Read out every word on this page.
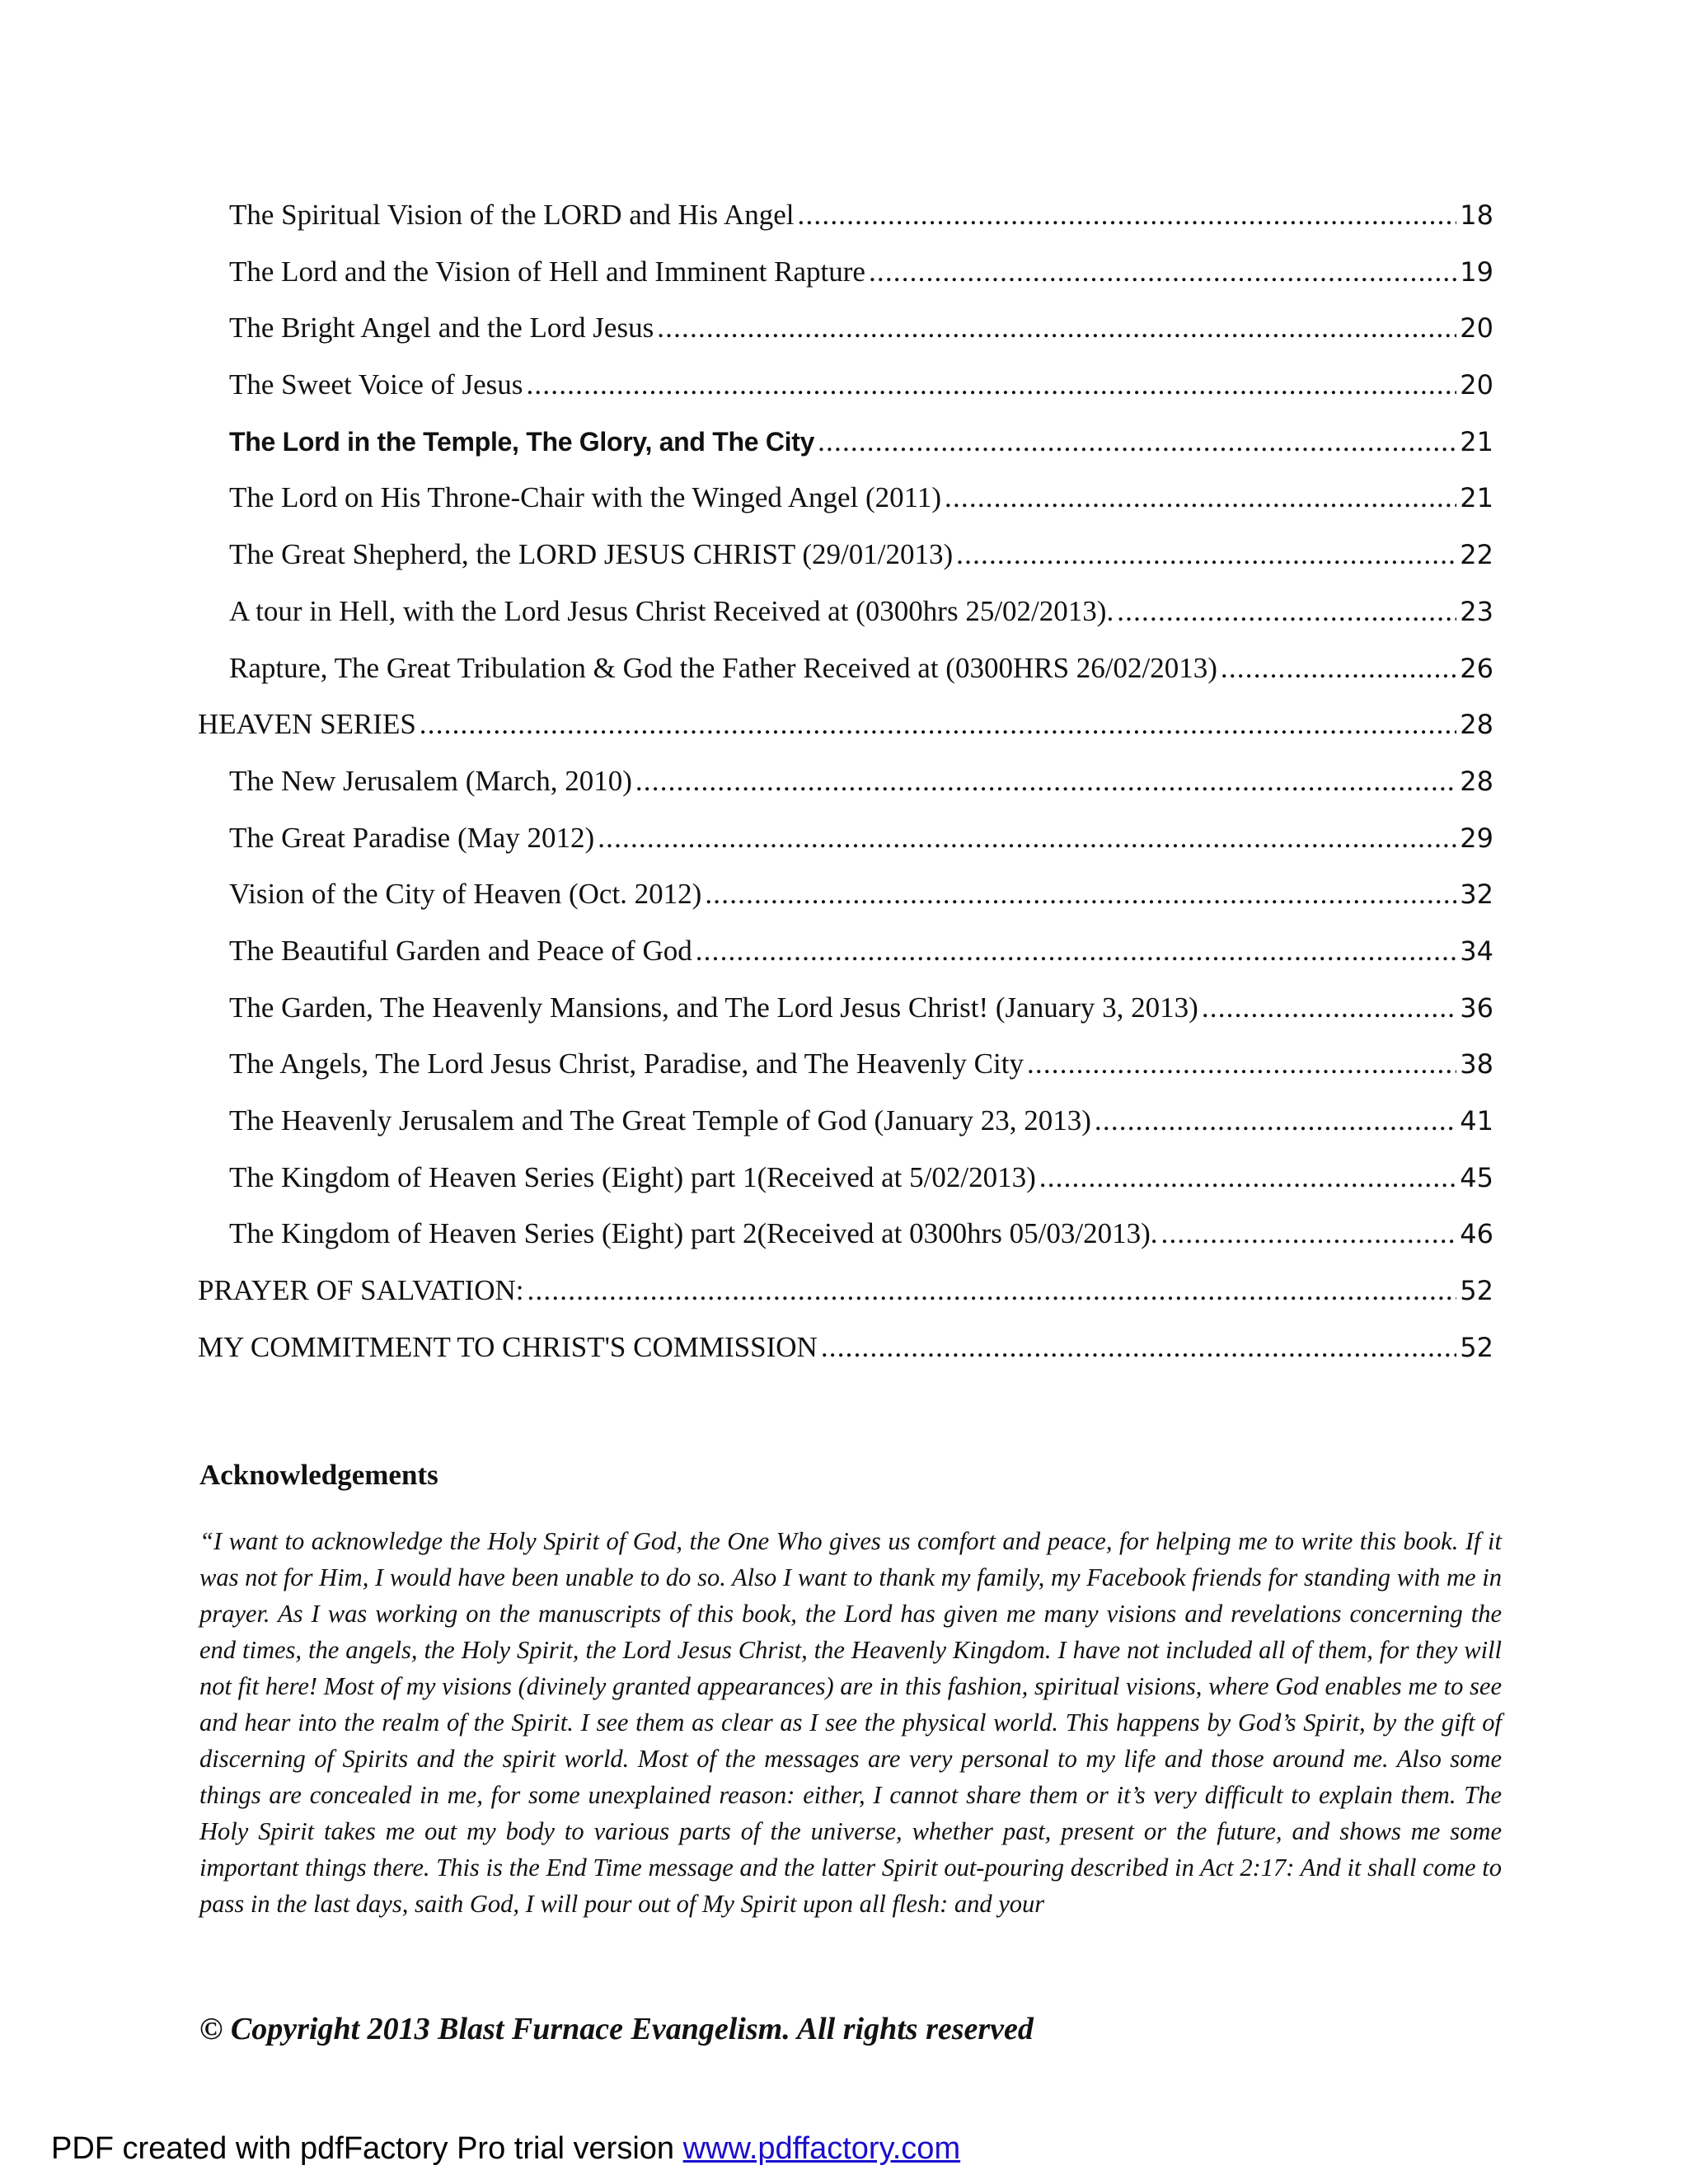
The Spiritual Vision of the LORD and His Angel .....	18
The Lord and the Vision of Hell and Imminent Rapture .....	19
The Bright Angel and the Lord Jesus .....	20
The Sweet Voice of Jesus .....	20
The Lord in the Temple, The Glory, and The City .....	21
The Lord on His Throne-Chair with the Winged Angel (2011) .....	21
The Great Shepherd, the LORD JESUS CHRIST (29/01/2013) .....	22
A tour in Hell, with the Lord Jesus Christ Received at (0300hrs 25/02/2013). .....	23
Rapture, The Great Tribulation & God the Father Received at (0300HRS 26/02/2013) .....	26
HEAVEN SERIES .....	28
The New Jerusalem (March, 2010) .....	28
The Great Paradise (May 2012) .....	29
Vision of the City of Heaven (Oct. 2012) .....	32
The Beautiful Garden and Peace of God .....	34
The Garden, The Heavenly Mansions, and The Lord Jesus Christ! (January 3, 2013) .....	36
The Angels, The Lord Jesus Christ, Paradise, and The Heavenly City .....	38
The Heavenly Jerusalem and The Great Temple of God (January 23, 2013) .....	41
The Kingdom of Heaven Series (Eight) part 1(Received at 5/02/2013) .....	45
The Kingdom of Heaven Series (Eight) part 2(Received at 0300hrs 05/03/2013). .....	46
PRAYER OF SALVATION: .....	52
MY COMMITMENT TO CHRIST'S COMMISSION .....	52
Acknowledgements

“I want to acknowledge the Holy Spirit of God, the One Who gives us comfort and peace, for helping me to write this book. If it was not for Him, I would have been unable to do so. Also I want to thank my family, my Facebook friends for standing with me in prayer. As I was working on the manuscripts of this book, the Lord has given me many visions and revelations concerning the end times, the angels, the Holy Spirit, the Lord Jesus Christ, the Heavenly Kingdom. I have not included all of them, for they will not fit here! Most of my visions (divinely granted appearances) are in this fashion, spiritual visions, where God enables me to see and hear into the realm of the Spirit. I see them as clear as I see the physical world. This happens by God’s Spirit, by the gift of discerning of Spirits and the spirit world. Most of the messages are very personal to my life and those around me. Also some things are concealed in me, for some unexplained reason: either, I cannot share them or it’s very difficult to explain them. The Holy Spirit takes me out my body to various parts of the universe, whether past, present or the future, and shows me some important things there. This is the End Time message and the latter Spirit out-pouring described in Act 2:17: And it shall come to pass in the last days, saith God, I will pour out of My Spirit upon all flesh: and your

© Copyright 2013 Blast Furnace Evangelism. All rights reserved

PDF created with pdfFactory Pro trial version www.pdffactory.com
